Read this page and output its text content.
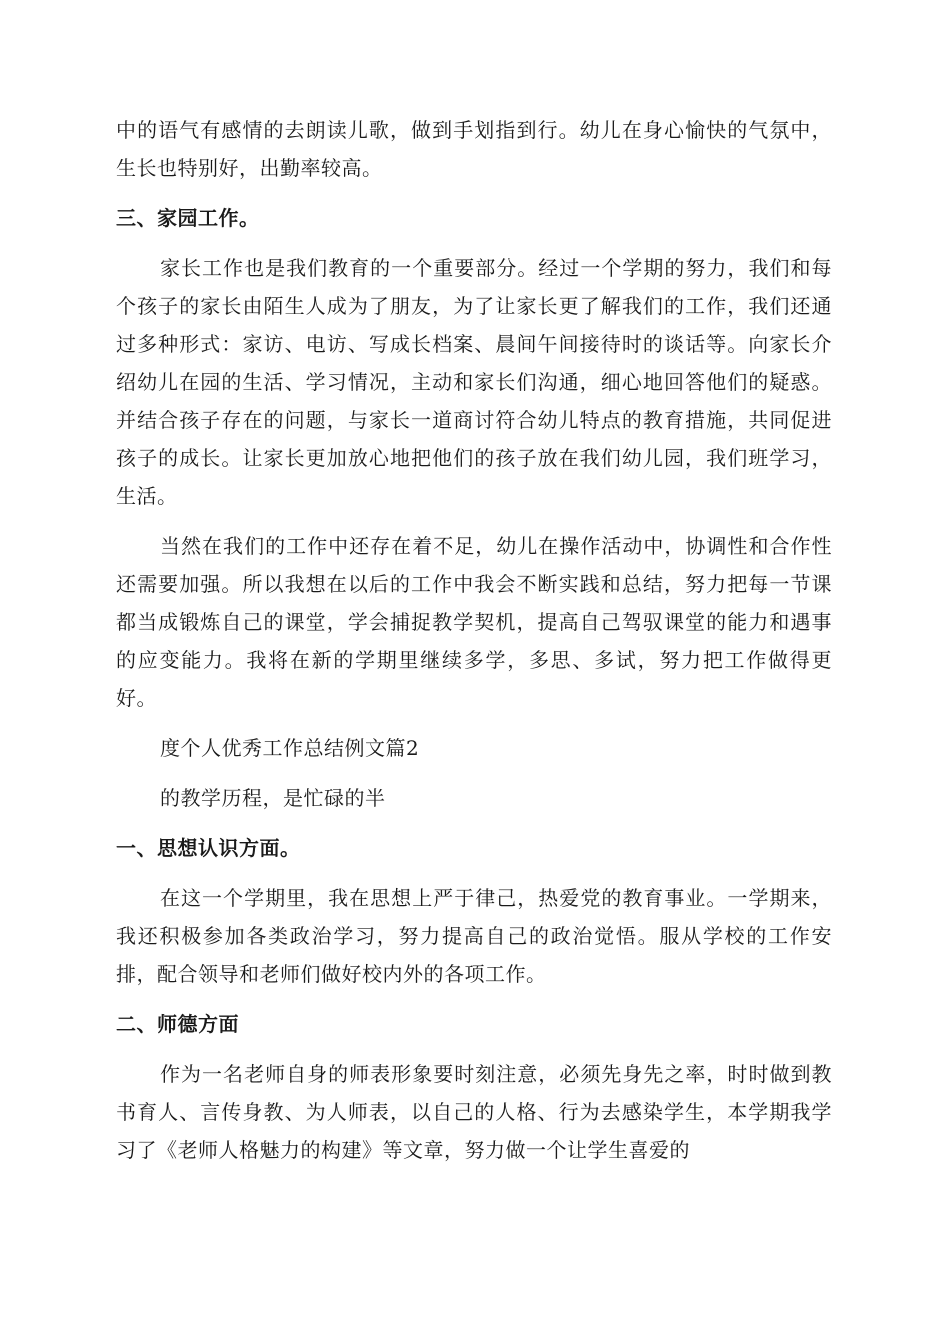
中的语气有感情的去朗读儿歌，做到手划指到行。幼儿在身心愉快的气氛中，生长也特别好，出勤率较高。

三、家园工作。

家长工作也是我们教育的一个重要部分。经过一个学期的努力，我们和每个孩子的家长由陌生人成为了朋友，为了让家长更了解我们的工作，我们还通过多种形式：家访、电访、写成长档案、晨间午间接待时的谈话等。向家长介绍幼儿在园的生活、学习情况，主动和家长们沟通，细心地回答他们的疑惑。并结合孩子存在的问题，与家长一道商讨符合幼儿特点的教育措施，共同促进孩子的成长。让家长更加放心地把他们的孩子放在我们幼儿园，我们班学习，生活。

当然在我们的工作中还存在着不足，幼儿在操作活动中，协调性和合作性还需要加强。所以我想在以后的工作中我会不断实践和总结，努力把每一节课都当成锻炼自己的课堂，学会捕捉教学契机，提高自己驾驭课堂的能力和遇事的应变能力。我将在新的学期里继续多学，多思、多试，努力把工作做得更好。

度个人优秀工作总结例文篇2

的教学历程，是忙碌的半

一、思想认识方面。

在这一个学期里，我在思想上严于律己，热爱党的教育事业。一学期来，我还积极参加各类政治学习，努力提高自己的政治觉悟。服从学校的工作安排，配合领导和老师们做好校内外的各项工作。

二、师德方面

作为一名老师自身的师表形象要时刻注意，必须先身先之率，时时做到教书育人、言传身教、为人师表，以自己的人格、行为去感染学生，本学期我学习了《老师人格魅力的构建》等文章，努力做一个让学生喜爱的
